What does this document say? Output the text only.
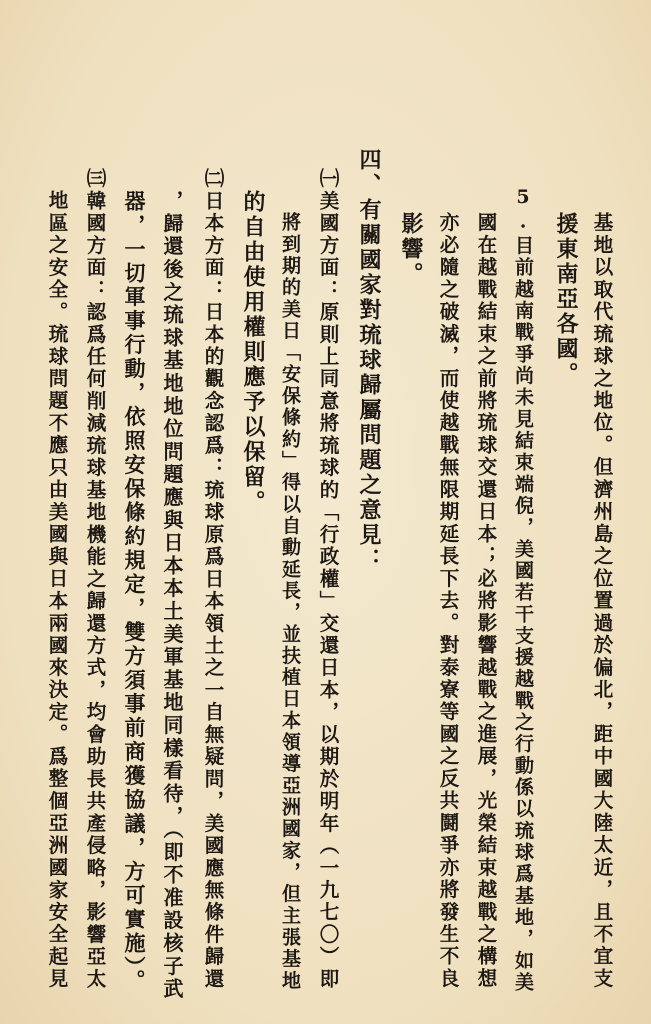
基地以取代琉球之地位。但濟州島之位置過於偏北，距中國大陸太近，且不宜支
援東南亞各國。
5.目前越南戰爭尚未見結束端倪，美國若干支援越戰之行動係以琉球爲基地，如美
國在越戰結束之前將琉球交還日本；必將影響越戰之進展，光榮結束越戰之構想
亦必隨之破滅，而使越戰無限期延長下去。對泰寮等國之反共鬪爭亦將發生不良
影響。
四、有關國家對琉球歸屬問題之意見：
㈠美國方面：原則上同意將琉球的「行政權」交還日本，以期於明年（一九七〇）即
將到期的美日「安保條約」得以自動延長，並扶植日本領導亞洲國家，但主張基地
的自由使用權則應予以保留。
㈡日本方面：日本的觀念認爲：琉球原爲日本領土之一自無疑問，美國應無條件歸還
，歸還後之琉球基地地位問題應與日本本土美軍基地同樣看待，（即不准設核子武
器，一切軍事行動，依照安保條約規定，雙方須事前商獲協議，方可實施）。
㈢韓國方面：認爲任何削減琉球基地機能之歸還方式，均會助長共產侵略，影響亞太
地區之安全。琉球問題不應只由美國與日本兩國來決定。爲整個亞洲國家安全起見
